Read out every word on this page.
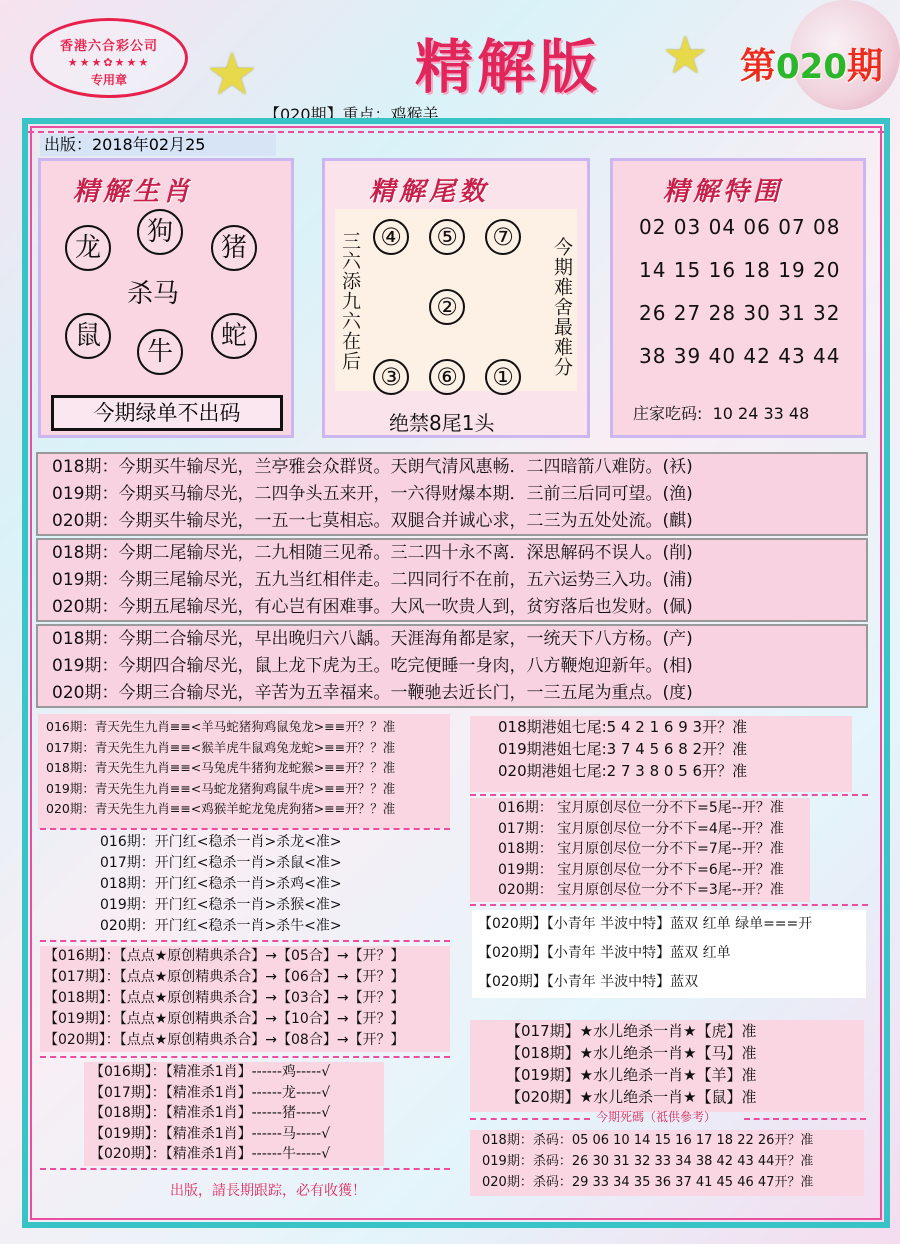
香港六合彩公司
★★★✿★★★
专用章	★	★
精解版	第020期
【020期】重点：鸡猴羊
出版：2018年02月25
精解生肖
龙
狗
猪
杀马
鼠
牛
蛇
今期绿单不出码
精解尾数
三六添九六在后	今期难舍最难分
④	⑤	⑦
②
③	⑥	①
绝禁8尾1头
精解特围
02 03 04 06 07 08
14 15 16 18 19 20
26 27 28 30 31 32
38 39 40 42 43 44
庄家吃码: 10 24 33 48
018期：今期买牛输尽光，兰亭雅会众群贤。天朗气清风惠畅．二四暗箭八难防。(袄)
019期：今期买马输尽光，二四争头五来开，一六得财爆本期．三前三后同可望。(渔)
020期：今期买牛输尽光，一五一七莫相忘。双腿合并诚心求，二三为五处处流。(麒)
018期：今期二尾输尽光，二九相随三见希。三二四十永不离．深思解码不误人。(削)
019期：今期三尾输尽光，五九当红相伴走。二四同行不在前，五六运势三入功。(浦)
020期：今期五尾输尽光，有心岂有困难事。大风一吹贵人到，贫穷落后也发财。(佩)
018期：今期二合输尽光，早出晚归六八龋。天涯海角都是家，一统天下八方杨。(产)
019期：今期四合输尽光，鼠上龙下虎为王。吃完便睡一身肉，八方鞭炮迎新年。(相)
020期：今期三合输尽光，辛苦为五幸福来。一鞭驰去近长门，一三五尾为重点。(度)
016期：青天先生九肖≡≡<羊马蛇猪狗鸡鼠兔龙>≡≡开？？准
017期：青天先生九肖≡≡<猴羊虎牛鼠鸡兔龙蛇>≡≡开？？准
018期：青天先生九肖≡≡<马兔虎牛猪狗龙蛇猴>≡≡开？？准
019期：青天先生九肖≡≡<马蛇龙猪狗鸡鼠牛虎>≡≡开？？准
020期：青天先生九肖≡≡<鸡猴羊蛇龙兔虎狗猪>≡≡开？？准
016期：开门红<稳杀一肖>杀龙<准>
017期：开门红<稳杀一肖>杀鼠<准>
018期：开门红<稳杀一肖>杀鸡<准>
019期：开门红<稳杀一肖>杀猴<准>
020期：开门红<稳杀一肖>杀牛<准>
【016期】：【点点★原创精典杀合】→【05合】→【开？】
【017期】：【点点★原创精典杀合】→【06合】→【开？】
【018期】：【点点★原创精典杀合】→【03合】→【开？】
【019期】：【点点★原创精典杀合】→【10合】→【开？】
【020期】：【点点★原创精典杀合】→【08合】→【开？】
【016期】：【精准杀1肖】------鸡-----√
【017期】：【精准杀1肖】------龙-----√
【018期】：【精准杀1肖】------猪-----√
【019期】：【精准杀1肖】------马-----√
【020期】：【精准杀1肖】------牛-----√
出版，請長期跟踪，必有收獲！
018期港姐七尾:5 4 2 1 6 9 3开？准
019期港姐七尾:3 7 4 5 6 8 2开？准
020期港姐七尾:2 7 3 8 0 5 6开？准
016期： 宝月原创尽位一分不下=5尾--开？准
017期： 宝月原创尽位一分不下=4尾--开？准
018期： 宝月原创尽位一分不下=7尾--开？准
019期： 宝月原创尽位一分不下=6尾--开？准
020期： 宝月原创尽位一分不下=3尾--开？准
【020期】【小青年 半波中特】蓝双 红单 绿单===开
【020期】【小青年 半波中特】蓝双 红单
【020期】【小青年 半波中特】蓝双
【017期】★水儿绝杀一肖★【虎】准
【018期】★水儿绝杀一肖★【马】准
【019期】★水儿绝杀一肖★【羊】准
【020期】★水儿绝杀一肖★【鼠】准
今期死碼（祗供參考）
018期：杀码：05 06 10 14 15 16 17 18 22 26开？准
019期：杀码：26 30 31 32 33 34 38 42 43 44开？准
020期：杀码：29 33 34 35 36 37 41 45 46 47开？准
